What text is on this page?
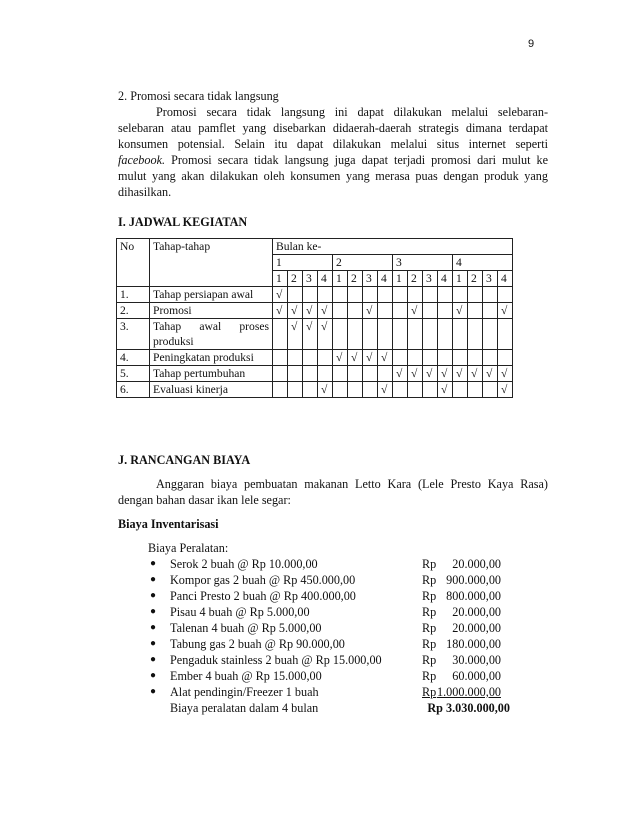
9
2. Promosi secara tidak langsung
Promosi secara tidak langsung ini dapat dilakukan melalui selebaran-
selebaran atau pamflet yang disebarkan didaerah-daerah strategis dimana terdapat
konsumen potensial. Selain itu dapat dilakukan melalui situs internet seperti
facebook. Promosi secara tidak langsung juga dapat terjadi promosi dari mulut ke
mulut yang akan dilakukan oleh konsumen yang merasa puas dengan produk yang
dihasilkan.
I. JADWAL KEGIATAN
No	Tahap-tahap	Bulan ke-															
		1				2				3				4			
		1	2	3	4	1	2	3	4	1	2	3	4	1	2	3	4
1.	Tahap persiapan awal	√															
2.	Promosi	√	√	√	√			√			√			√			√
3.	Tahap awal proses produksi		√	√	√												
4.	Peningkatan produksi					√	√	√	√								
5.	Tahap pertumbuhan									√	√	√	√	√	√	√	√
6.	Evaluasi kinerja				√				√				√				√
J. RANCANGAN BIAYA
Anggaran biaya pembuatan makanan Letto Kara (Lele Presto Kaya Rasa)
dengan bahan dasar ikan lele segar:
Biaya Inventarisasi
Biaya Peralatan:
● Serok 2 buah @ Rp 10.000,00	Rp 20.000,00
● Kompor gas 2 buah @ Rp 450.000,00	Rp 900.000,00
● Panci Presto 2 buah @ Rp 400.000,00	Rp 800.000,00
● Pisau 4 buah @ Rp 5.000,00	Rp 20.000,00
● Talenan 4 buah @ Rp 5.000,00	Rp 20.000,00
● Tabung gas 2 buah @ Rp 90.000,00	Rp 180.000,00
● Pengaduk stainless 2 buah @ Rp 15.000,00	Rp 30.000,00
● Ember 4 buah @ Rp 15.000,00	Rp 60.000,00
● Alat pendingin/Freezer 1 buah	Rp 1.000.000,00
Biaya peralatan dalam 4 bulan	Rp 3.030.000,00
